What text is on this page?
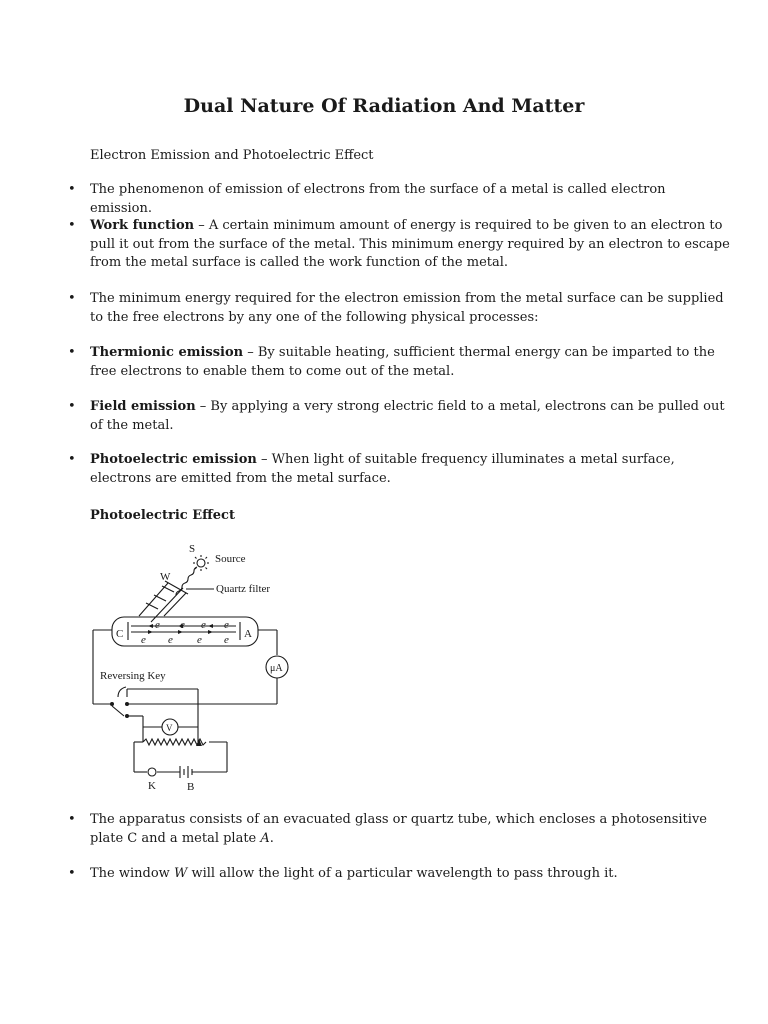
Dual Nature Of Radiation And Matter
Electron Emission and Photoelectric Effect
• The phenomenon of emission of electrons from the surface of a metal is called electron emission.
• Work function – A certain minimum amount of energy is required to be given to an electron to pull it out from the surface of the metal. This minimum energy required by an electron to escape from the metal surface is called the work function of the metal.
• The minimum energy required for the electron emission from the metal surface can be supplied to the free electrons by any one of the following physical processes:
• Thermionic emission – By suitable heating, sufficient thermal energy can be imparted to the free electrons to enable them to come out of the metal.
• Field emission – By applying a very strong electric field to a metal, electrons can be pulled out of the metal.
• Photoelectric emission – When light of suitable frequency illuminates a metal surface, electrons are emitted from the metal surface.
Photoelectric Effect
S
Source
W
Quartz filter
C	A
e e e e
e e e e
μA
Reversing Key
V
K	B
• The apparatus consists of an evacuated glass or quartz tube, which encloses a photosensitive plate C and a metal plate A.
• The window W will allow the light of a particular wavelength to pass through it.
